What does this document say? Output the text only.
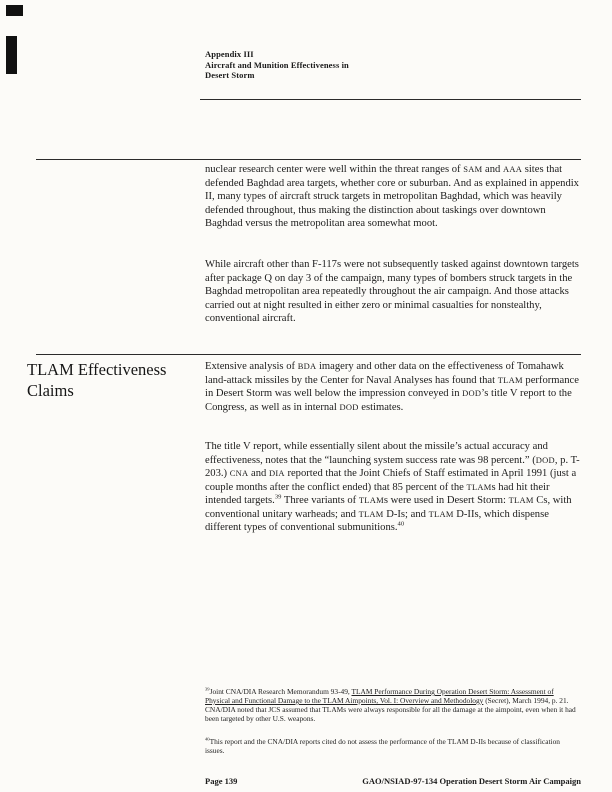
Appendix III
Aircraft and Munition Effectiveness in
Desert Storm
TLAM Effectiveness Claims

nuclear research center were well within the threat ranges of SAM and AAA sites that defended Baghdad area targets, whether core or suburban. And as explained in appendix II, many types of aircraft struck targets in metropolitan Baghdad, which was heavily defended throughout, thus making the distinction about taskings over downtown Baghdad versus the metropolitan area somewhat moot.

While aircraft other than F-117s were not subsequently tasked against downtown targets after package Q on day 3 of the campaign, many types of bombers struck targets in the Baghdad metropolitan area repeatedly throughout the air campaign. And those attacks carried out at night resulted in either zero or minimal casualties for nonstealthy, conventional aircraft.

Extensive analysis of BDA imagery and other data on the effectiveness of Tomahawk land-attack missiles by the Center for Naval Analyses has found that TLAM performance in Desert Storm was well below the impression conveyed in DOD’s title V report to the Congress, as well as in internal DOD estimates.

The title V report, while essentially silent about the missile’s actual accuracy and effectiveness, notes that the “launching system success rate was 98 percent.” (DOD, p. T-203.) CNA and DIA reported that the Joint Chiefs of Staff estimated in April 1991 (just a couple months after the conflict ended) that 85 percent of the TLAMs had hit their intended targets.$^{39}$ Three variants of TLAMs were used in Desert Storm: TLAM Cs, with conventional unitary warheads; and TLAM D-Is; and TLAM D-IIs, which dispense different types of conventional submunitions.$^{40}$

$^{39}$Joint CNA/DIA Research Memorandum 93-49, TLAM Performance During Operation Desert Storm: Assessment of Physical and Functional Damage to the TLAM Aimpoints, Vol. I: Overview and Methodology (Secret), March 1994, p. 21. CNA/DIA noted that JCS assumed that TLAMs were always responsible for all the damage at the aimpoint, even when it had been targeted by other U.S. weapons.

$^{40}$This report and the CNA/DIA reports cited do not assess the performance of the TLAM D-IIs because of classification issues.

Page 139	GAO/NSIAD-97-134 Operation Desert Storm Air Campaign
